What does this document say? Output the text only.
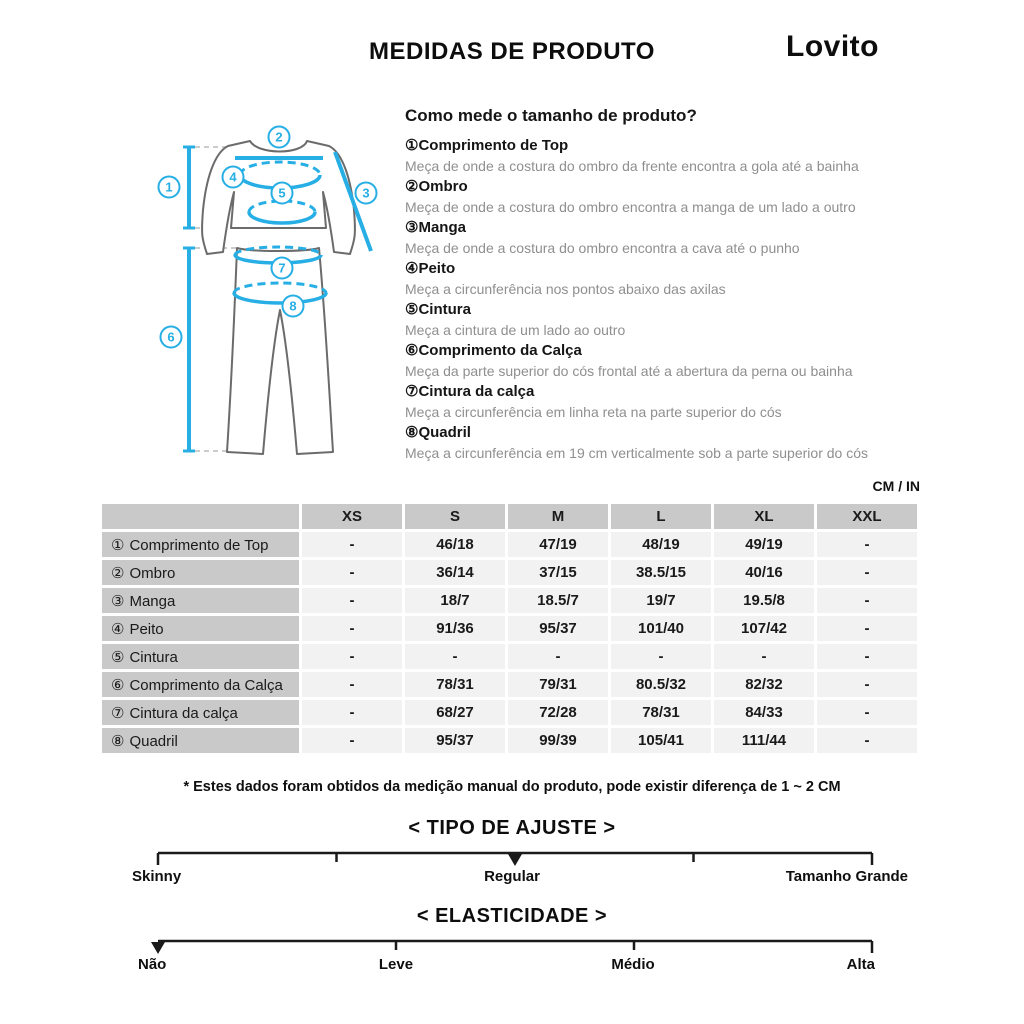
MEDIDAS DE PRODUTO	Lovito
1
2
3
4
5
6
7
8
Como mede o tamanho de produto?
①Comprimento de Top
Meça de onde a costura do ombro da frente encontra a gola até a bainha
②Ombro
Meça de onde a costura do ombro encontra a manga de um lado a outro
③Manga
Meça de onde a costura do ombro encontra a cava até o punho
④Peito
Meça a circunferência nos pontos abaixo das axilas
⑤Cintura
Meça a cintura de um lado ao outro
⑥Comprimento da Calça
Meça da parte superior do cós frontal até a abertura da perna ou bainha
⑦Cintura da calça
Meça a circunferência em linha reta na parte superior do cós
⑧Quadril
Meça a circunferência em 19 cm verticalmente sob a parte superior do cós
CM / IN
	XS	S	M	L	XL	XXL
① Comprimento de Top	-	46/18	47/19	48/19	49/19	-
② Ombro	-	36/14	37/15	38.5/15	40/16	-
③ Manga	-	18/7	18.5/7	19/7	19.5/8	-
④ Peito	-	91/36	95/37	101/40	107/42	-
⑤ Cintura	-	-	-	-	-	-
⑥ Comprimento da Calça	-	78/31	79/31	80.5/32	82/32	-
⑦ Cintura da calça	-	68/27	72/28	78/31	84/33	-
⑧ Quadril	-	95/37	99/39	105/41	111/44	-
* Estes dados foram obtidos da medição manual do produto, pode existir diferença de 1 ~ 2 CM
< TIPO DE AJUSTE >
Skinny	Regular	Tamanho Grande
< ELASTICIDADE >
Não	Leve	Médio	Alta
